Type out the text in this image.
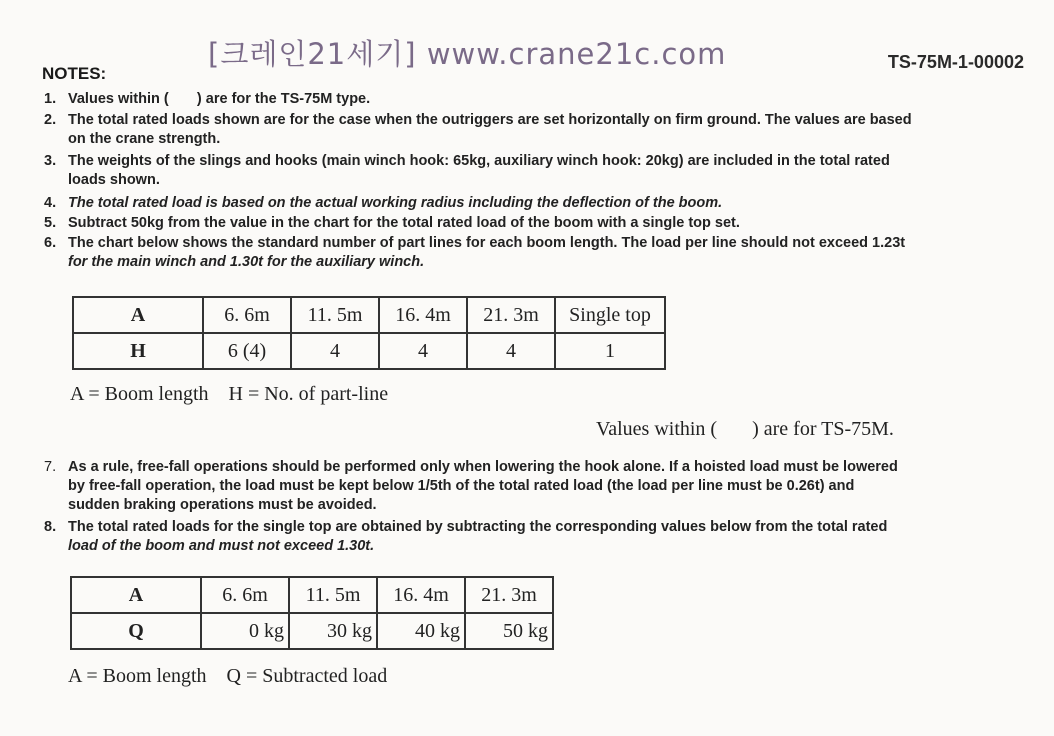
[크레인21세기] www.crane21c.com	TS-75M-1-00002
NOTES:
1. Values within (       ) are for the TS-75M type.
2. The total rated loads shown are for the case when the outriggers are set horizontally on firm ground. The values are based
on the crane strength.
3. The weights of the slings and hooks (main winch hook: 65kg, auxiliary winch hook: 20kg) are included in the total rated
loads shown.
4. The total rated load is based on the actual working radius including the deflection of the boom.
5. Subtract 50kg from the value in the chart for the total rated load of the boom with a single top set.
6. The chart below shows the standard number of part lines for each boom length. The load per line should not exceed 1.23t
for the main winch and 1.30t for the auxiliary winch.
A	6. 6m	11. 5m	16. 4m	21. 3m	Single top
H	6 (4)	4	4	4	1
A = Boom length    H = No. of part-line
Values within (       ) are for TS-75M.
7. As a rule, free-fall operations should be performed only when lowering the hook alone. If a hoisted load must be lowered
by free-fall operation, the load must be kept below 1/5th of the total rated load (the load per line must be 0.26t) and
sudden braking operations must be avoided.
8. The total rated loads for the single top are obtained by subtracting the corresponding values below from the total rated
load of the boom and must not exceed 1.30t.
A	6. 6m	11. 5m	16. 4m	21. 3m
Q	0 kg	30 kg	40 kg	50 kg
A = Boom length    Q = Subtracted load
